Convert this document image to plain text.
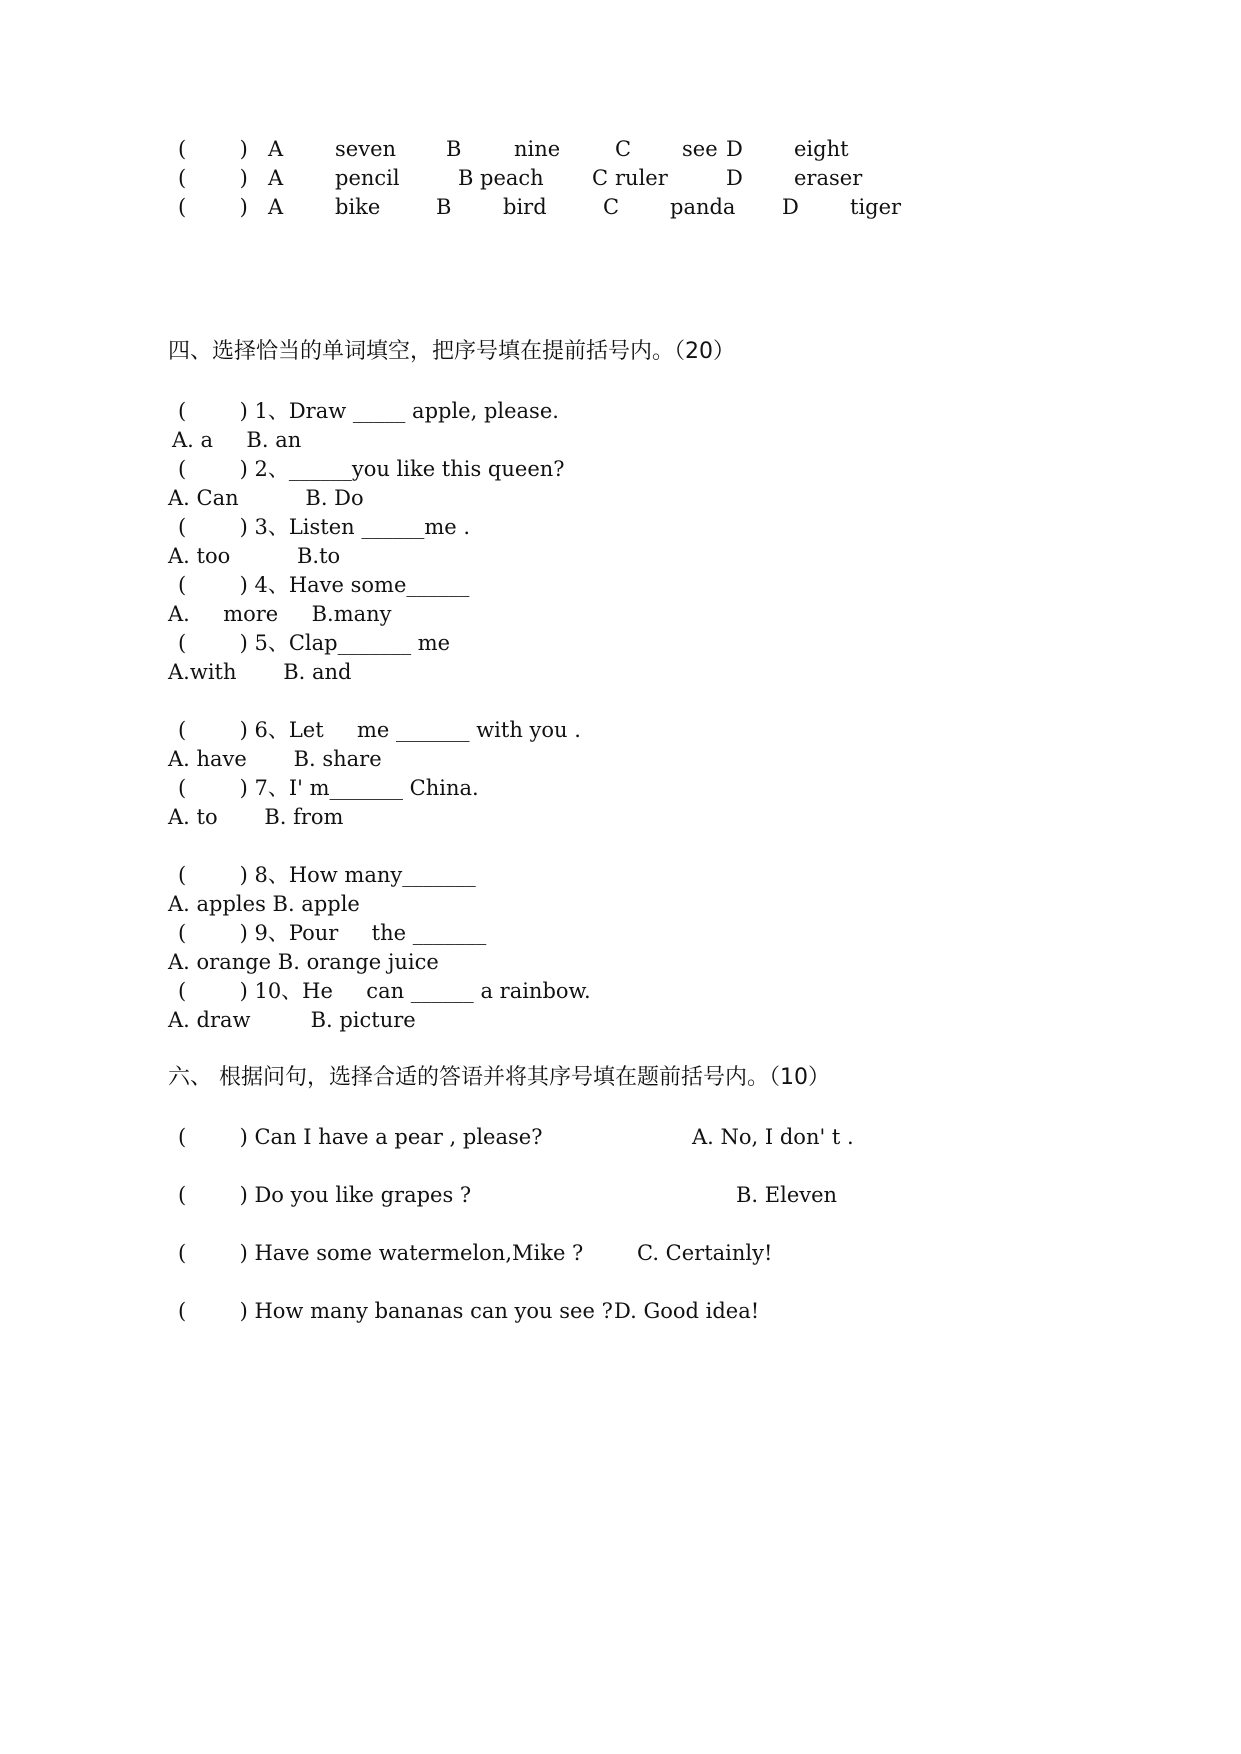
(        ) A seven B	nine	C see D eight
(        ) A pencil	B peach C ruler	D eraser
(        ) A bike	B bird	C panda D tiger
四、选择恰当的单词填空，把序号填在提前括号内。（20）
(        ) 1、Draw _____ apple, please.
A. a     B. an
(        ) 2、______you like this queen?
A. Can          B. Do
(        ) 3、Listen ______me .
A. too          B.to
(        ) 4、Have some______
A.     more     B.many
(        ) 5、Clap_______ me
A.with       B. and
(        ) 6、Let     me _______ with you .
A. have       B. share
(        ) 7、I' m_______ China.
A. to       B. from
(        ) 8、How many_______
A. apples B. apple
(        ) 9、Pour     the _______
A. orange B. orange juice
(        ) 10、He     can ______ a rainbow.
A. draw         B. picture
六、 根据问句，选择合适的答语并将其序号填在题前括号内。（10）
(        ) Can I have a pear , please?	A. No, I don' t .
(        ) Do you like grapes ?	B. Eleven
(        ) Have some watermelon,Mike ?	C. Certainly!
(        ) How many bananas can you see ? D. Good idea!
